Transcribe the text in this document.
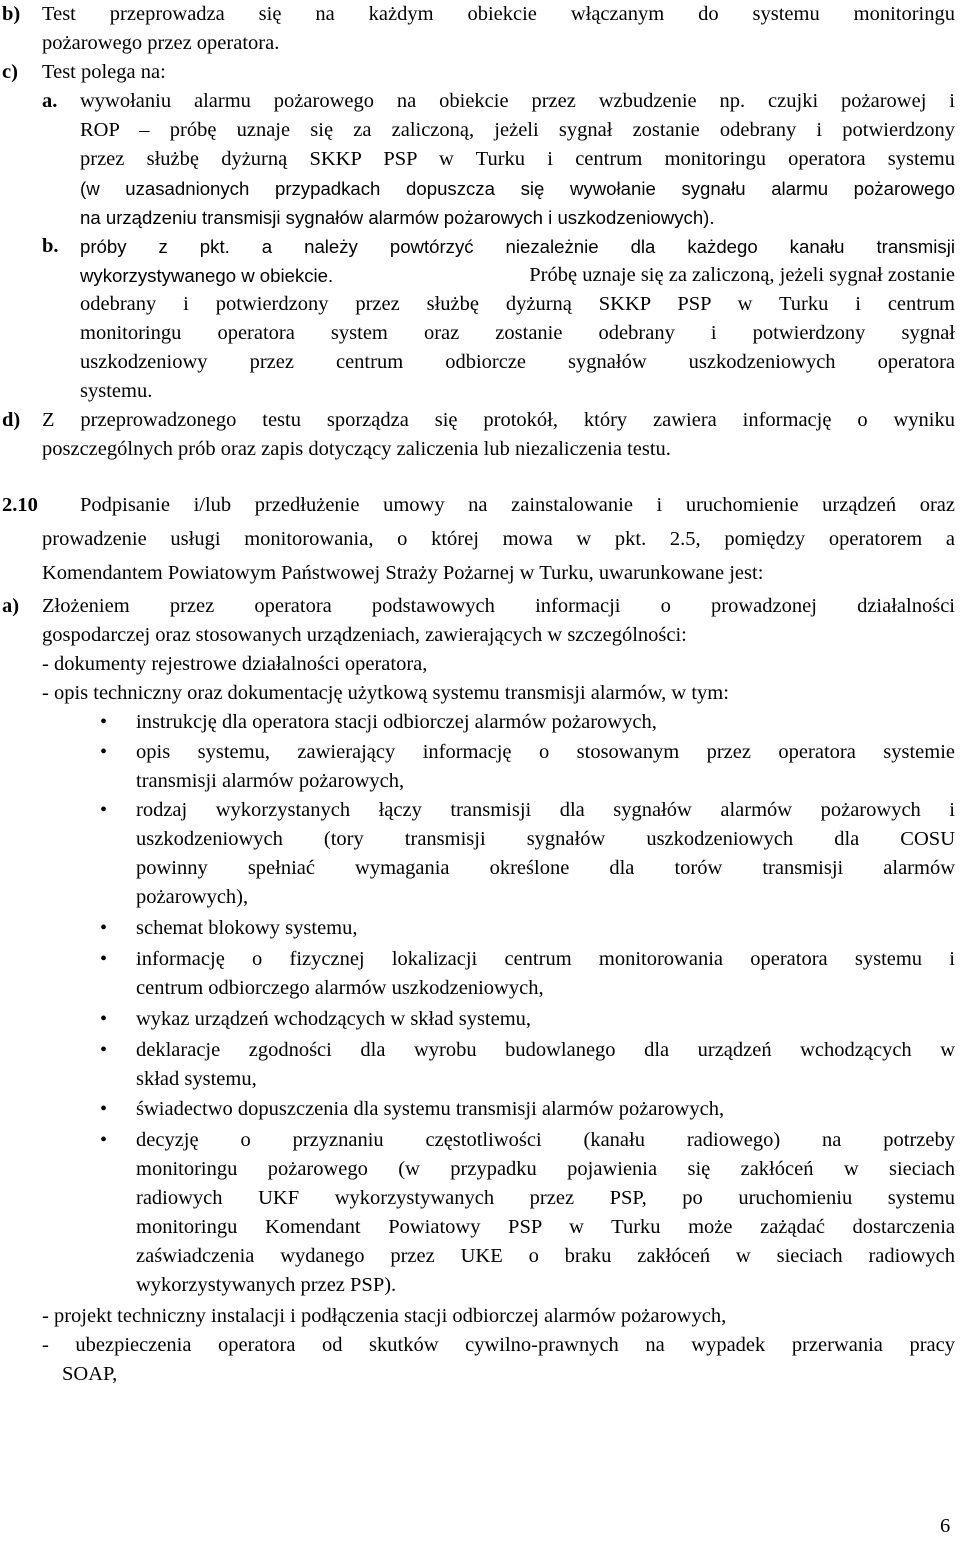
b) Test przeprowadza się na każdym obiekcie włączanym do systemu monitoringu
pożarowego przez operatora.
c) Test polega na:
a. wywołaniu alarmu pożarowego na obiekcie przez wzbudzenie np. czujki pożarowej i
ROP – próbę uznaje się za zaliczoną, jeżeli sygnał zostanie odebrany i potwierdzony
przez służbę dyżurną SKKP PSP w Turku i centrum monitoringu operatora systemu
(w uzasadnionych przypadkach dopuszcza się wywołanie sygnału alarmu pożarowego
na urządzeniu transmisji sygnałów alarmów pożarowych i uszkodzeniowych).
b. próby z pkt. a należy powtórzyć niezależnie dla każdego kanału transmisji
wykorzystywanego w obiekcie.	Próbę uznaje się za zaliczoną, jeżeli sygnał zostanie
odebrany i potwierdzony przez służbę dyżurną SKKP PSP w Turku i centrum
monitoringu operatora system oraz zostanie odebrany i potwierdzony sygnał
uszkodzeniowy przez centrum odbiorcze sygnałów uszkodzeniowych operatora
systemu.
d) Z przeprowadzonego testu sporządza się protokół, który zawiera informację o wyniku
poszczególnych prób oraz zapis dotyczący zaliczenia lub niezaliczenia testu.
2.10 Podpisanie i/lub przedłużenie umowy na zainstalowanie i uruchomienie urządzeń oraz
prowadzenie usługi monitorowania, o której mowa w pkt. 2.5, pomiędzy operatorem a
Komendantem Powiatowym Państwowej Straży Pożarnej w Turku, uwarunkowane jest:
a) Złożeniem przez operatora podstawowych informacji o prowadzonej działalności
gospodarczej oraz stosowanych urządzeniach, zawierających w szczególności:
- dokumenty rejestrowe działalności operatora,
- opis techniczny oraz dokumentację użytkową systemu transmisji alarmów, w tym:
• instrukcję dla operatora stacji odbiorczej alarmów pożarowych,
• opis systemu, zawierający informację o stosowanym przez operatora systemie
transmisji alarmów pożarowych,
• rodzaj wykorzystanych łączy transmisji dla sygnałów alarmów pożarowych i
uszkodzeniowych (tory transmisji sygnałów uszkodzeniowych dla COSU
powinny spełniać wymagania określone dla torów transmisji alarmów
pożarowych),
• schemat blokowy systemu,
• informację o fizycznej lokalizacji centrum monitorowania operatora systemu i
centrum odbiorczego alarmów uszkodzeniowych,
• wykaz urządzeń wchodzących w skład systemu,
• deklaracje zgodności dla wyrobu budowlanego dla urządzeń wchodzących w
skład systemu,
• świadectwo dopuszczenia dla systemu transmisji alarmów pożarowych,
• decyzję o przyznaniu częstotliwości (kanału radiowego) na potrzeby
monitoringu pożarowego (w przypadku pojawienia się zakłóceń w sieciach
radiowych UKF wykorzystywanych przez PSP, po uruchomieniu systemu
monitoringu Komendant Powiatowy PSP w Turku może zażądać dostarczenia
zaświadczenia wydanego przez UKE o braku zakłóceń w sieciach radiowych
wykorzystywanych przez PSP).
- projekt techniczny instalacji i podłączenia stacji odbiorczej alarmów pożarowych,
- ubezpieczenia operatora od skutków cywilno-prawnych na wypadek przerwania pracy
SOAP,
6
